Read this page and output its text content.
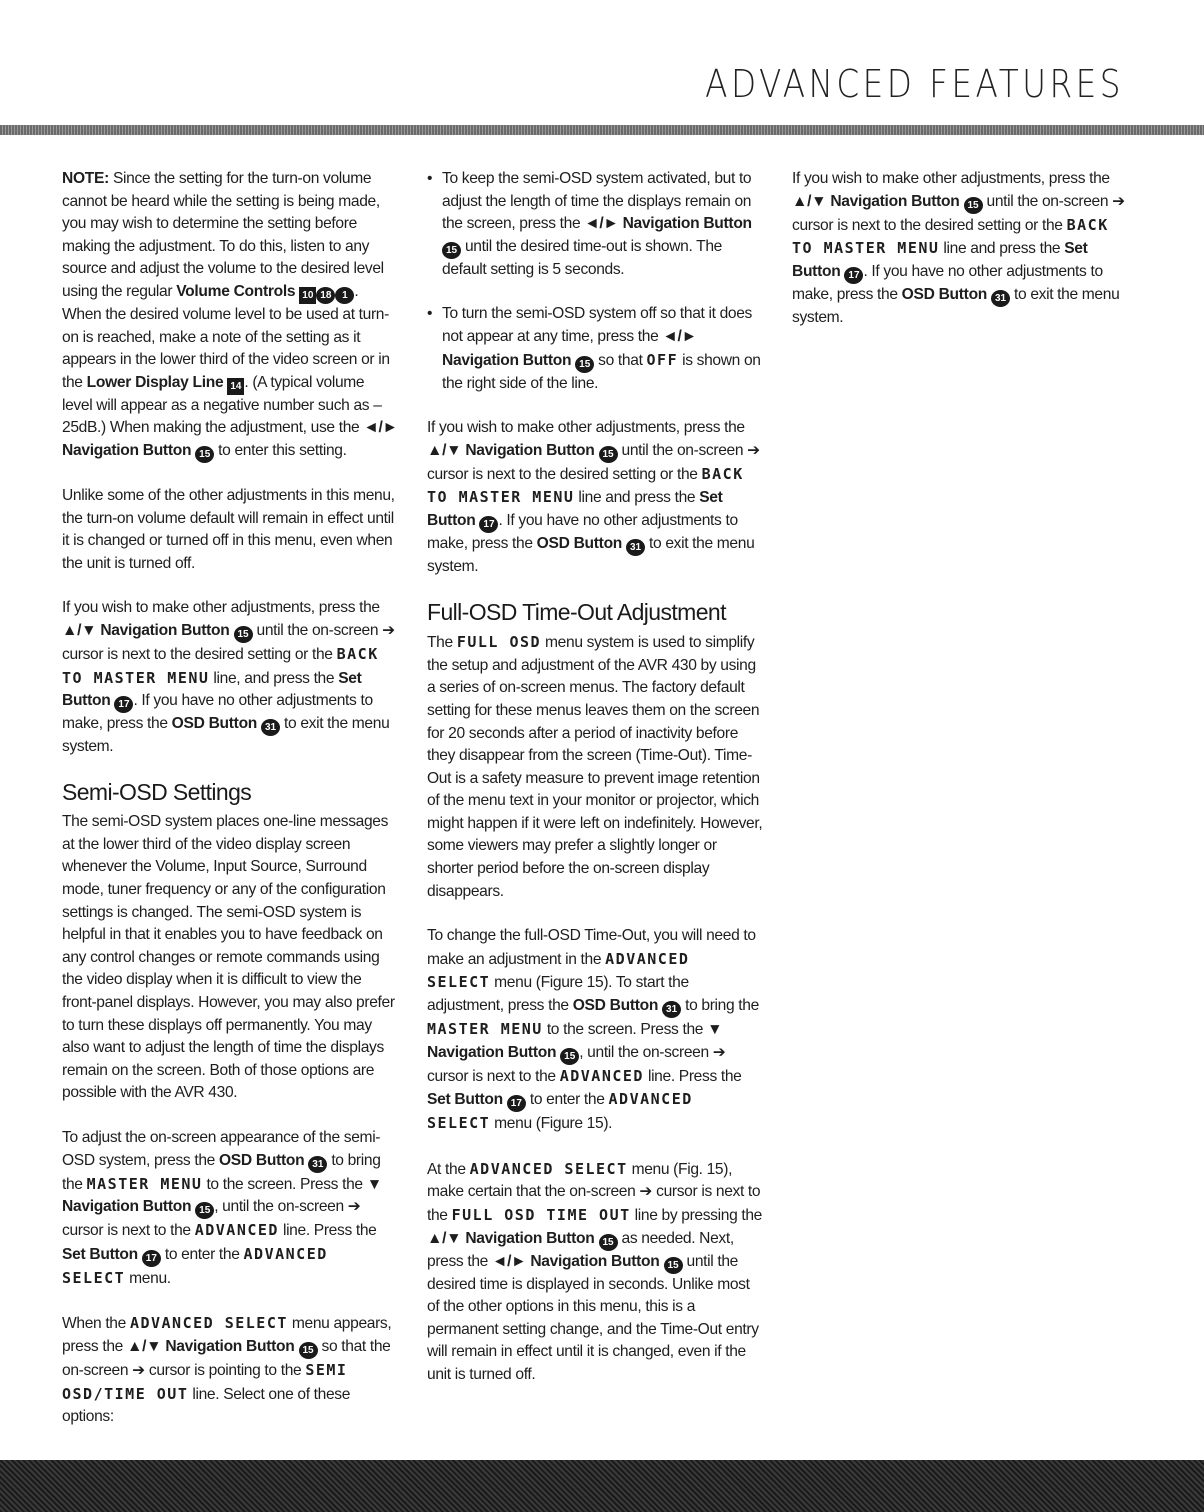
ADVANCED FEATURES

NOTE: Since the setting for the turn-on volume cannot be heard while the setting is being made, you may wish to determine the setting before making the adjustment. To do this, listen to any source and adjust the volume to the desired level using the regular Volume Controls 10 18 1 . When the desired volume level to be used at turn-on is reached, make a note of the setting as it appears in the lower third of the video screen or in the Lower Display Line 14 . (A typical volume level will appear as a negative number such as –25dB.) When making the adjustment, use the ◄/► Navigation Button 15 to enter this setting.

Unlike some of the other adjustments in this menu, the turn-on volume default will remain in effect until it is changed or turned off in this menu, even when the unit is turned off.

If you wish to make other adjustments, press the ▲/▼ Navigation Button 15 until the on-screen ➔ cursor is next to the desired setting or the BACK TO MASTER MENU line, and press the Set Button 17 . If you have no other adjustments to make, press the OSD Button 31 to exit the menu system.

Semi-OSD Settings

The semi-OSD system places one-line messages at the lower third of the video display screen whenever the Volume, Input Source, Surround mode, tuner frequency or any of the configuration settings is changed. The semi-OSD system is helpful in that it enables you to have feedback on any control changes or remote commands using the video display when it is difficult to view the front-panel displays. However, you may also prefer to turn these displays off permanently. You may also want to adjust the length of time the displays remain on the screen. Both of those options are possible with the AVR 430.

To adjust the on-screen appearance of the semi-OSD system, press the OSD Button 31 to bring the MASTER MENU to the screen. Press the ▼ Navigation Button 15 , until the on-screen ➔ cursor is next to the ADVANCED line. Press the Set Button 17 to enter the ADVANCED SELECT menu.

When the ADVANCED SELECT menu appears, press the ▲/▼ Navigation Button 15 so that the on-screen ➔ cursor is pointing to the SEMI OSD/TIME OUT line. Select one of these options:

• To keep the semi-OSD system activated, but to adjust the length of time the displays remain on the screen, press the ◄/► Navigation Button 15 until the desired time-out is shown. The default setting is 5 seconds.
• To turn the semi-OSD system off so that it does not appear at any time, press the ◄/► Navigation Button 15 so that OFF is shown on the right side of the line.

If you wish to make other adjustments, press the ▲/▼ Navigation Button 15 until the on-screen ➔ cursor is next to the desired setting or the BACK TO MASTER MENU line and press the Set Button 17 . If you have no other adjustments to make, press the OSD Button 31 to exit the menu system.

Full-OSD Time-Out Adjustment

The FULL OSD menu system is used to simplify the setup and adjustment of the AVR 430 by using a series of on-screen menus. The factory default setting for these menus leaves them on the screen for 20 seconds after a period of inactivity before they disappear from the screen (Time-Out). Time-Out is a safety measure to prevent image retention of the menu text in your monitor or projector, which might happen if it were left on indefinitely. However, some viewers may prefer a slightly longer or shorter period before the on-screen display disappears.

To change the full-OSD Time-Out, you will need to make an adjustment in the ADVANCED SELECT menu (Figure 15). To start the adjustment, press the OSD Button 31 to bring the MASTER MENU to the screen. Press the ▼ Navigation Button 15 , until the on-screen ➔ cursor is next to the ADVANCED line. Press the Set Button 17 to enter the ADVANCED SELECT menu (Figure 15).

At the ADVANCED SELECT menu (Fig. 15), make certain that the on-screen ➔ cursor is next to the FULL OSD TIME OUT line by pressing the ▲/▼ Navigation Button 15 as needed. Next, press the ◄/► Navigation Button 15 until the desired time is displayed in seconds. Unlike most of the other options in this menu, this is a permanent setting change, and the Time-Out entry will remain in effect until it is changed, even if the unit is turned off.

If you wish to make other adjustments, press the ▲/▼ Navigation Button 15 until the on-screen ➔ cursor is next to the desired setting or the BACK TO MASTER MENU line and press the Set Button 17 . If you have no other adjustments to make, press the OSD Button 31 to exit the menu system.
